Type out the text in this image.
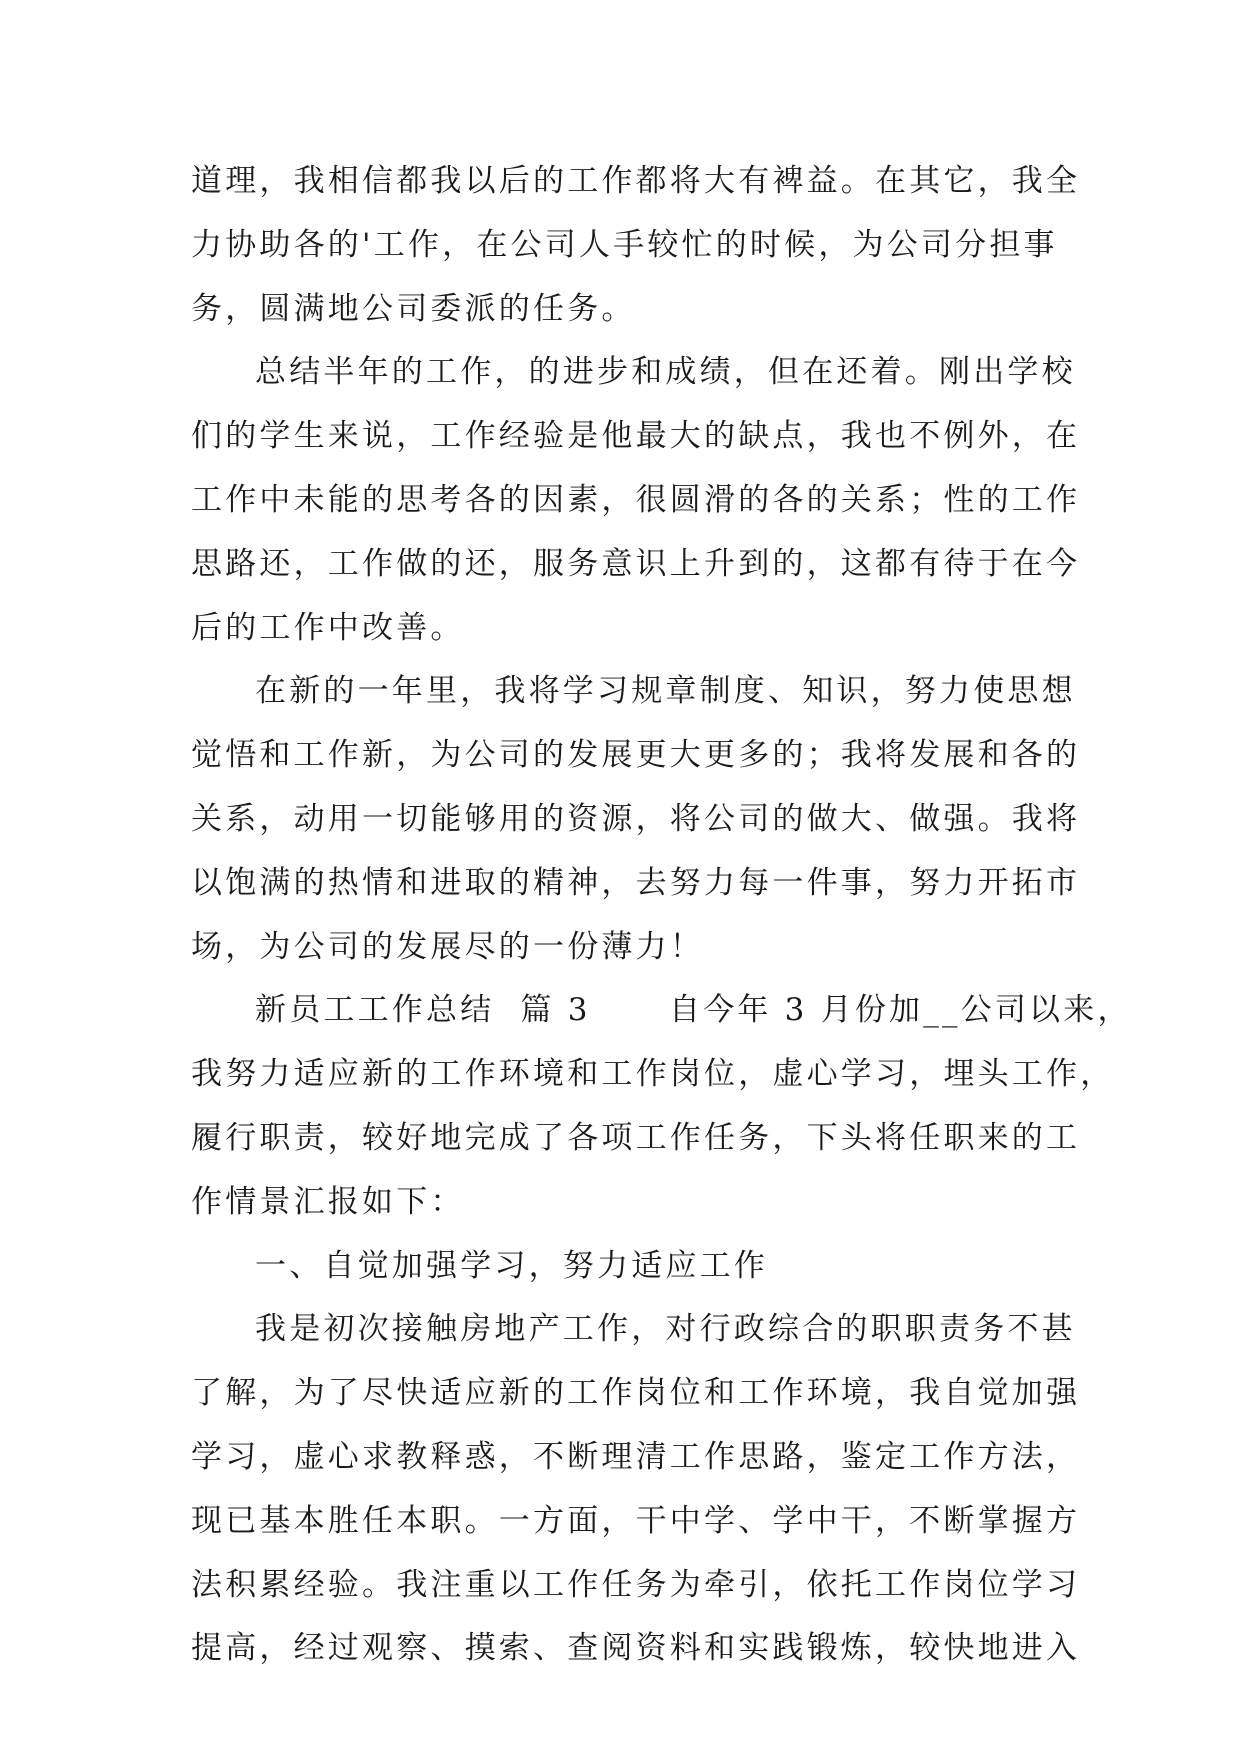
道理，我相信都我以后的工作都将大有裨益。在其它，我全
力协助各的'工作，在公司人手较忙的时候，为公司分担事
务，圆满地公司委派的任务。
总结半年的工作，的进步和成绩，但在还着。刚出学校
们的学生来说，工作经验是他最大的缺点，我也不例外，在
工作中未能的思考各的因素，很圆滑的各的关系；性的工作
思路还，工作做的还，服务意识上升到的，这都有待于在今
后的工作中改善。
在新的一年里，我将学习规章制度、知识，努力使思想
觉悟和工作新，为公司的发展更大更多的；我将发展和各的
关系，动用一切能够用的资源，将公司的做大、做强。我将
以饱满的热情和进取的精神，去努力每一件事，努力开拓市
场，为公司的发展尽的一份薄力！
新员工工作总结  篇 3      自今年 3 月份加__公司以来，
我努力适应新的工作环境和工作岗位，虚心学习，埋头工作，
履行职责，较好地完成了各项工作任务，下头将任职来的工
作情景汇报如下：
一、自觉加强学习，努力适应工作
我是初次接触房地产工作，对行政综合的职职责务不甚
了解，为了尽快适应新的工作岗位和工作环境，我自觉加强
学习，虚心求教释惑，不断理清工作思路，鉴定工作方法，
现已基本胜任本职。一方面，干中学、学中干，不断掌握方
法积累经验。我注重以工作任务为牵引，依托工作岗位学习
提高，经过观察、摸索、查阅资料和实践锻炼，较快地进入
